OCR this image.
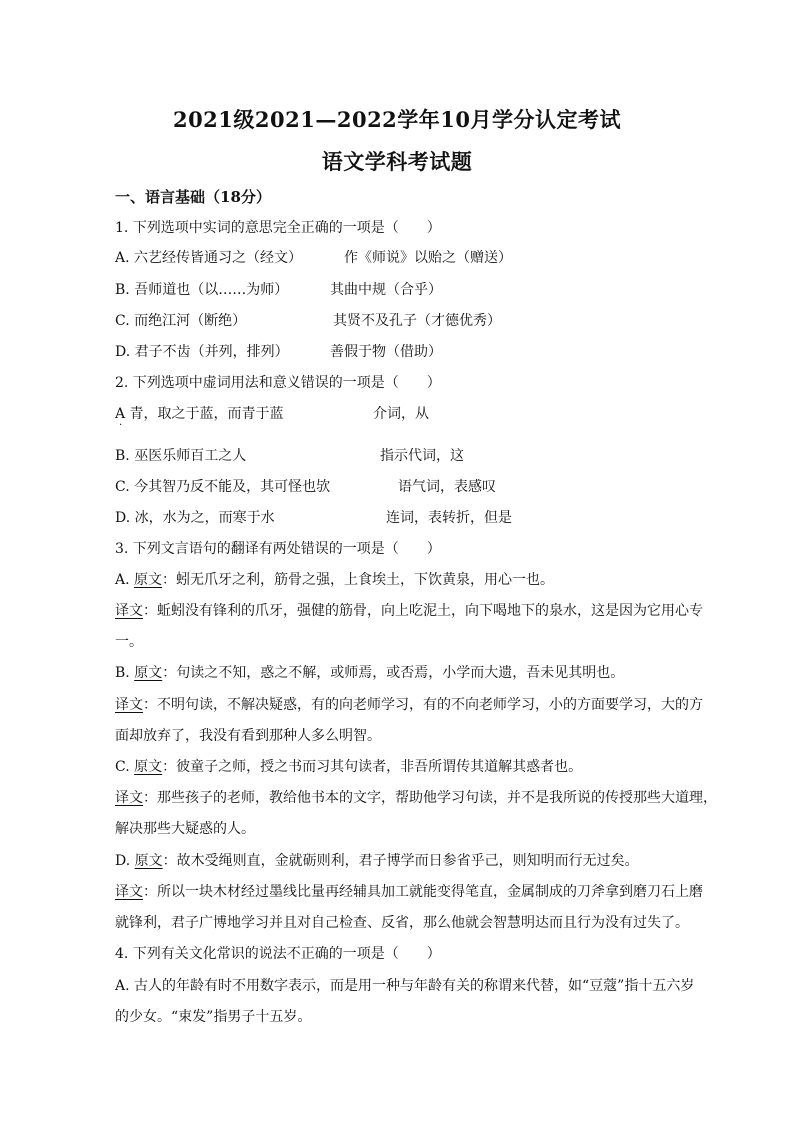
2021级2021—2022学年10月学分认定考试
语文学科考试题
一、语言基础（18分）
1. 下列选项中实词的意思完全正确的一项是（　　）
A. 六艺经传皆通习之（经文）	作《师说》以贻之（赠送）
B. 吾师道也（以……为师）	其曲中规（合乎）
C. 而绝江河（断绝）	其贤不及孔子（才德优秀）
D. 君子不齿（并列，排列）	善假于物（借助）
2. 下列选项中虚词用法和意义错误的一项是（　　）
A 青，取之于蓝，而青于蓝	介词，从
·
B. 巫医乐师百工之人	指示代词，这
C. 今其智乃反不能及，其可怪也欤	语气词，表感叹
D. 冰，水为之，而寒于水	连词，表转折，但是
3. 下列文言语句的翻译有两处错误的一项是（　　）
A. 原文：蚓无爪牙之利，筋骨之强，上食埃土，下饮黄泉，用心一也。
译文：蚯蚓没有锋利的爪牙，强健的筋骨，向上吃泥土，向下喝地下的泉水，这是因为它用心专
一。
B. 原文：句读之不知，惑之不解，或师焉，或否焉，小学而大遗，吾未见其明也。
译文：不明句读，不解决疑惑，有的向老师学习，有的不向老师学习，小的方面要学习，大的方
面却放弃了，我没有看到那种人多么明智。
C. 原文：彼童子之师，授之书而习其句读者，非吾所谓传其道解其惑者也。
译文：那些孩子的老师，教给他书本的文字，帮助他学习句读，并不是我所说的传授那些大道理，
解决那些大疑惑的人。
D. 原文：故木受绳则直，金就砺则利，君子博学而日参省乎己，则知明而行无过矣。
译文：所以一块木材经过墨线比量再经辅具加工就能变得笔直，金属制成的刀斧拿到磨刀石上磨
就锋利，君子广博地学习并且对自己检查、反省，那么他就会智慧明达而且行为没有过失了。
4. 下列有关文化常识的说法不正确的一项是（　　）
A. 古人的年龄有时不用数字表示，而是用一种与年龄有关的称谓来代替，如“豆蔻”指十五六岁
的少女。“束发”指男子十五岁。
